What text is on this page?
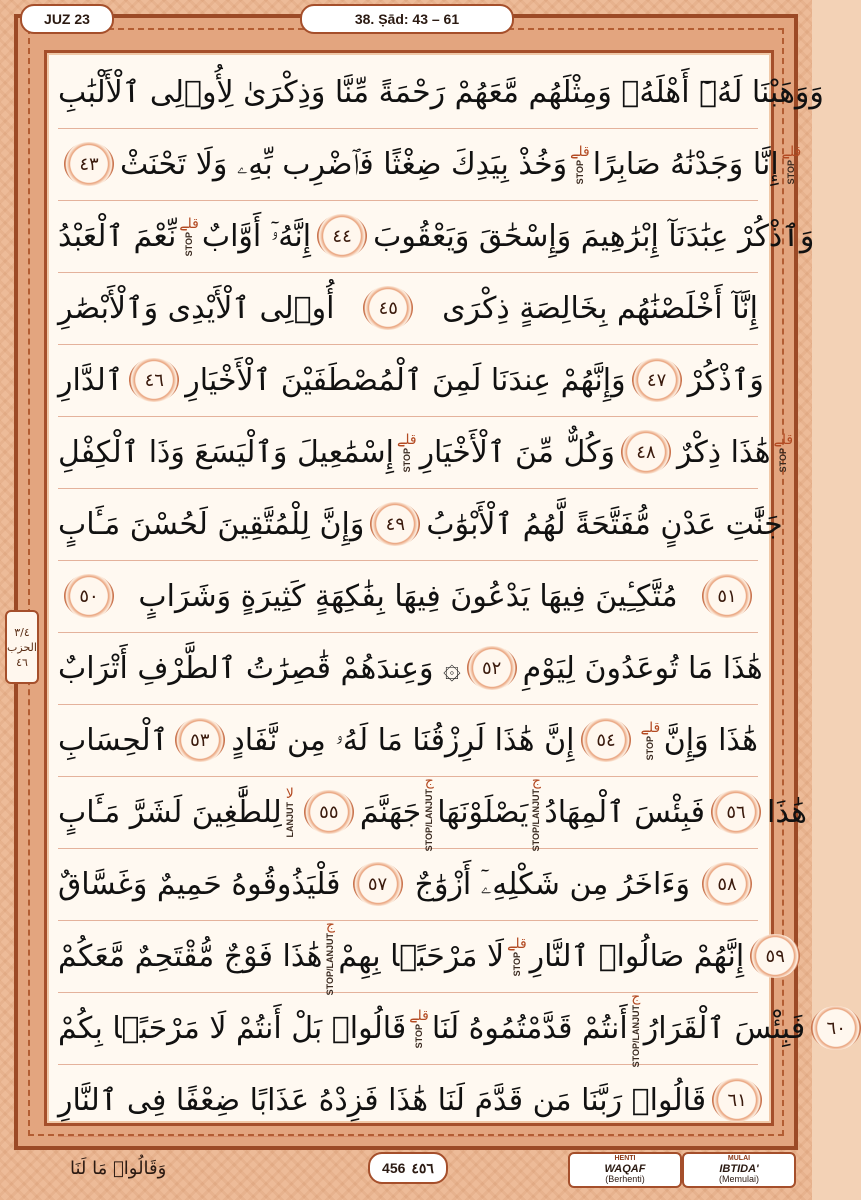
JUZ 23	38. Ṣād: 43 – 61
٣/٤
الحزب
٤٦
وَوَهَبْنَا لَهُۥٓ أَهْلَهُۥ وَمِثْلَهُم مَّعَهُمْ رَحْمَةً مِّنَّا وَذِكْرَىٰ لِأُو۟لِى ٱلْأَلْبَٰبِ
٤٣ وَخُذْ بِيَدِكَ ضِغْثًا فَٱضْرِب بِّهِۦ وَلَا تَحْنَثْ قلے
STOP إِنَّا وَجَدْنَٰهُ صَابِرًا قلے
STOP
نِّعْمَ ٱلْعَبْدُ قلے
STOP إِنَّهُۥٓ أَوَّابٌ	٤٤ وَٱذْكُرْ عِبَٰدَنَآ إِبْرَٰهِيمَ وَإِسْحَٰقَ وَيَعْقُوبَ
أُو۟لِى ٱلْأَيْدِى وَٱلْأَبْصَٰرِ	٤٥	إِنَّآ أَخْلَصْنَٰهُم بِخَالِصَةٍ ذِكْرَى
ٱلدَّارِ	٤٦ وَإِنَّهُمْ عِندَنَا لَمِنَ ٱلْمُصْطَفَيْنَ ٱلْأَخْيَارِ	٤٧ وَٱذْكُرْ
إِسْمَٰعِيلَ وَٱلْيَسَعَ وَذَا ٱلْكِفْلِ قلے
STOP وَكُلٌّ مِّنَ ٱلْأَخْيَارِ	٤٨ هَٰذَا ذِكْرٌ قلے
STOP
وَإِنَّ لِلْمُتَّقِينَ لَحُسْنَ مَـَٔابٍ	٤٩ جَنَّٰتِ عَدْنٍ مُّفَتَّحَةً لَّهُمُ ٱلْأَبْوَٰبُ
٥٠	مُتَّكِـِٔينَ فِيهَا يَدْعُونَ فِيهَا بِفَٰكِهَةٍ كَثِيرَةٍ وَشَرَابٍ	٥١
۞ وَعِندَهُمْ قَٰصِرَٰتُ ٱلطَّرْفِ أَتْرَابٌ	٥٢ هَٰذَا مَا تُوعَدُونَ لِيَوْمِ
ٱلْحِسَابِ	٥٣ إِنَّ هَٰذَا لَرِزْقُنَا مَا لَهُۥ مِن نَّفَادٍ	٥٤
قلے
STOP هَٰذَا وَإِنَّ
لِلطَّٰغِينَ لَشَرَّ مَـَٔابٍ
لا
LANJUT	٥٥ جَهَنَّمَ
ج
STOP/LANJUT يَصْلَوْنَهَا
ج
STOP/LANJUT فَبِئْسَ ٱلْمِهَادُ	٥٦ هَٰذَا
فَلْيَذُوقُوهُ حَمِيمٌ وَغَسَّاقٌ	٥٧ وَءَاخَرُ مِن شَكْلِهِۦٓ أَزْوَٰجٌ	٥٨
هَٰذَا فَوْجٌ مُّقْتَحِمٌ مَّعَكُمْ
ج
STOP/LANJUT لَا مَرْحَبًۢا بِهِمْ قلے
STOP إِنَّهُمْ صَالُوا۟ ٱلنَّارِ	٥٩
قَالُوا۟ بَلْ أَنتُمْ لَا مَرْحَبًۢا بِكُمْ قلے
STOP أَنتُمْ قَدَّمْتُمُوهُ لَنَا
ج
STOP/LANJUT فَبِئْسَ ٱلْقَرَارُ	٦٠
قَالُوا۟ رَبَّنَا مَن قَدَّمَ لَنَا هَٰذَا فَزِدْهُ عَذَابًا ضِعْفًا فِى ٱلنَّارِ	٦١
وَقَالُوا۟ مَا لَنَا	456 ٤٥٦
HENTI
WAQAF
(Berhenti)
MULAI
IBTIDA'
(Memulai)
